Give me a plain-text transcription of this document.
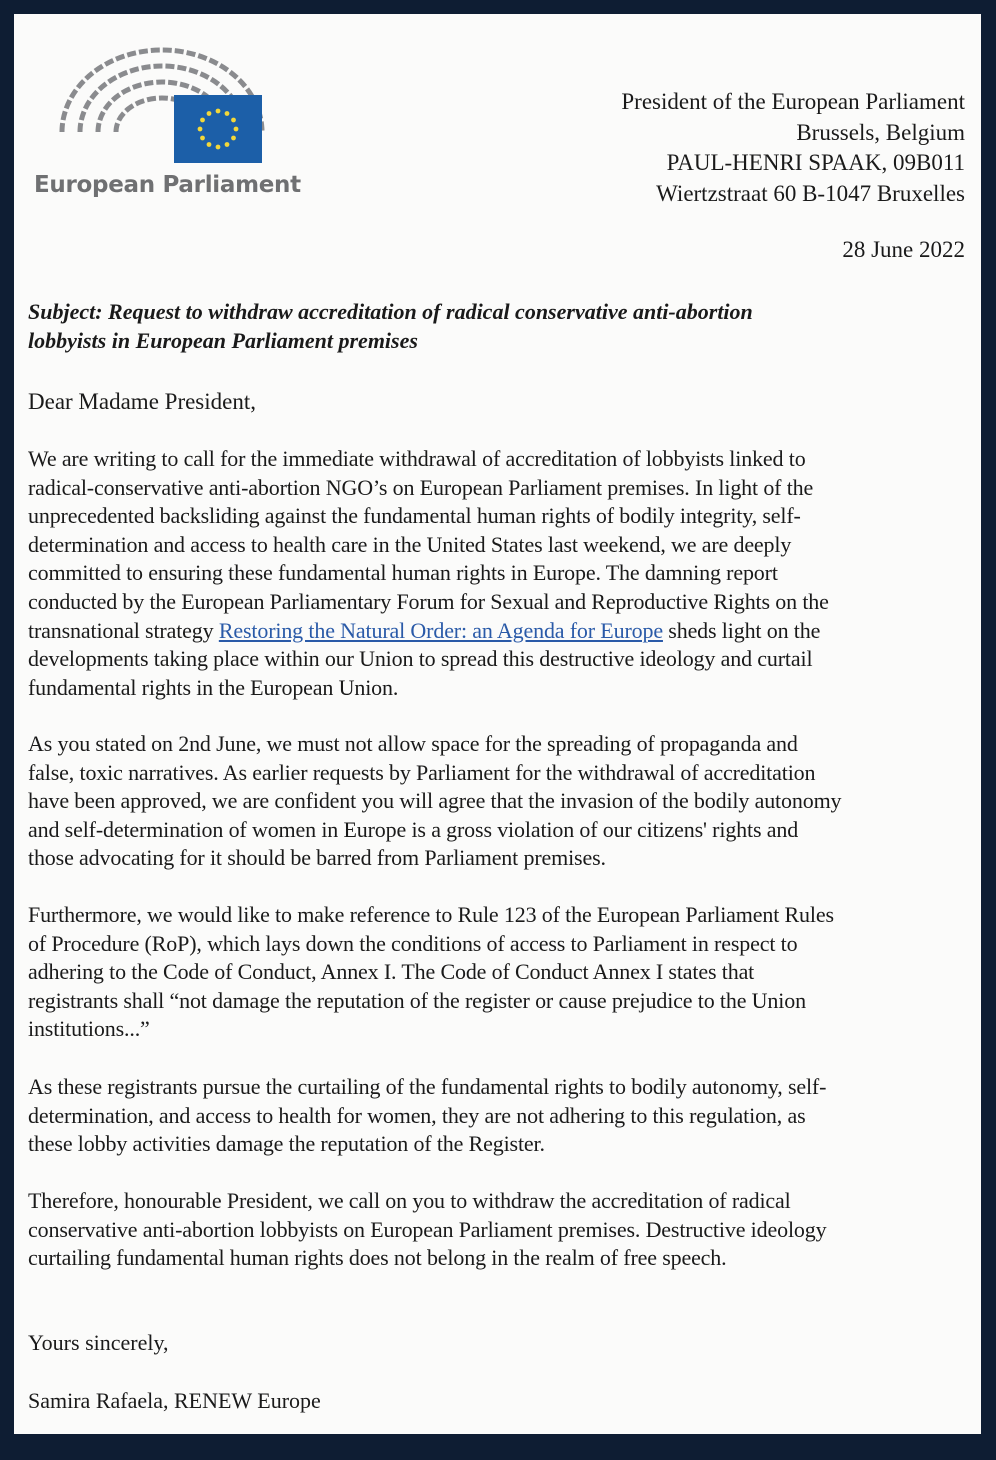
European Parliament
President of the European Parliament
Brussels, Belgium
PAUL-HENRI SPAAK, 09B011
Wiertzstraat 60 B-1047 Bruxelles
28 June 2022
Subject: Request to withdraw accreditation of radical conservative anti-abortion
lobbyists in European Parliament premises
Dear Madame President,
We are writing to call for the immediate withdrawal of accreditation of lobbyists linked to
radical-conservative anti-abortion NGO’s on European Parliament premises. In light of the
unprecedented backsliding against the fundamental human rights of bodily integrity, self-
determination and access to health care in the United States last weekend, we are deeply
committed to ensuring these fundamental human rights in Europe. The damning report
conducted by the European Parliamentary Forum for Sexual and Reproductive Rights on the
transnational strategy Restoring the Natural Order: an Agenda for Europe sheds light on the
developments taking place within our Union to spread this destructive ideology and curtail
fundamental rights in the European Union.
As you stated on 2nd June, we must not allow space for the spreading of propaganda and
false, toxic narratives. As earlier requests by Parliament for the withdrawal of accreditation
have been approved, we are confident you will agree that the invasion of the bodily autonomy
and self-determination of women in Europe is a gross violation of our citizens' rights and
those advocating for it should be barred from Parliament premises.
Furthermore, we would like to make reference to Rule 123 of the European Parliament Rules
of Procedure (RoP), which lays down the conditions of access to Parliament in respect to
adhering to the Code of Conduct, Annex I. The Code of Conduct Annex I states that
registrants shall “not damage the reputation of the register or cause prejudice to the Union
institutions...”
As these registrants pursue the curtailing of the fundamental rights to bodily autonomy, self-
determination, and access to health for women, they are not adhering to this regulation, as
these lobby activities damage the reputation of the Register.
Therefore, honourable President, we call on you to withdraw the accreditation of radical
conservative anti-abortion lobbyists on European Parliament premises. Destructive ideology
curtailing fundamental human rights does not belong in the realm of free speech.
Yours sincerely,
Samira Rafaela, RENEW Europe
